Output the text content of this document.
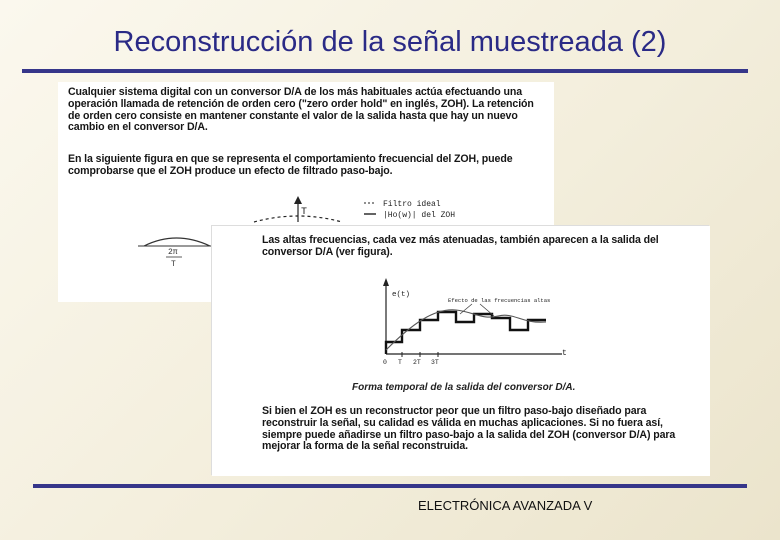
Reconstrucción de la señal muestreada (2)
Cualquier sistema digital con un conversor D/A de los más habituales actúa efectuando una operación llamada de retención de orden cero ("zero order hold" en inglés, ZOH). La retención de orden cero consiste en mantener constante el valor de la salida hasta que hay un nuevo cambio en el conversor D/A.
En la siguiente figura en que se representa el comportamiento frecuencial del ZOH, puede comprobarse que el ZOH produce un efecto de filtrado paso-bajo.
Filtro ideal
|Ho(w)| del ZOH
T
2π
T
Las altas frecuencias, cada vez más atenuadas, también aparecen a la salida del conversor D/A (ver figura).
Efecto de las frecuencias altas
e(t)
t
0 T 2T 3T
Forma temporal de la salida del conversor D/A.
Si bien el ZOH es un reconstructor peor que un filtro paso-bajo diseñado para reconstruir la señal, su calidad es válida en muchas aplicaciones. Si no fuera así, siempre puede añadirse un filtro paso-bajo a la salida del ZOH (conversor D/A) para mejorar la forma de la señal reconstruida.
ELECTRÓNICA AVANZADA V
